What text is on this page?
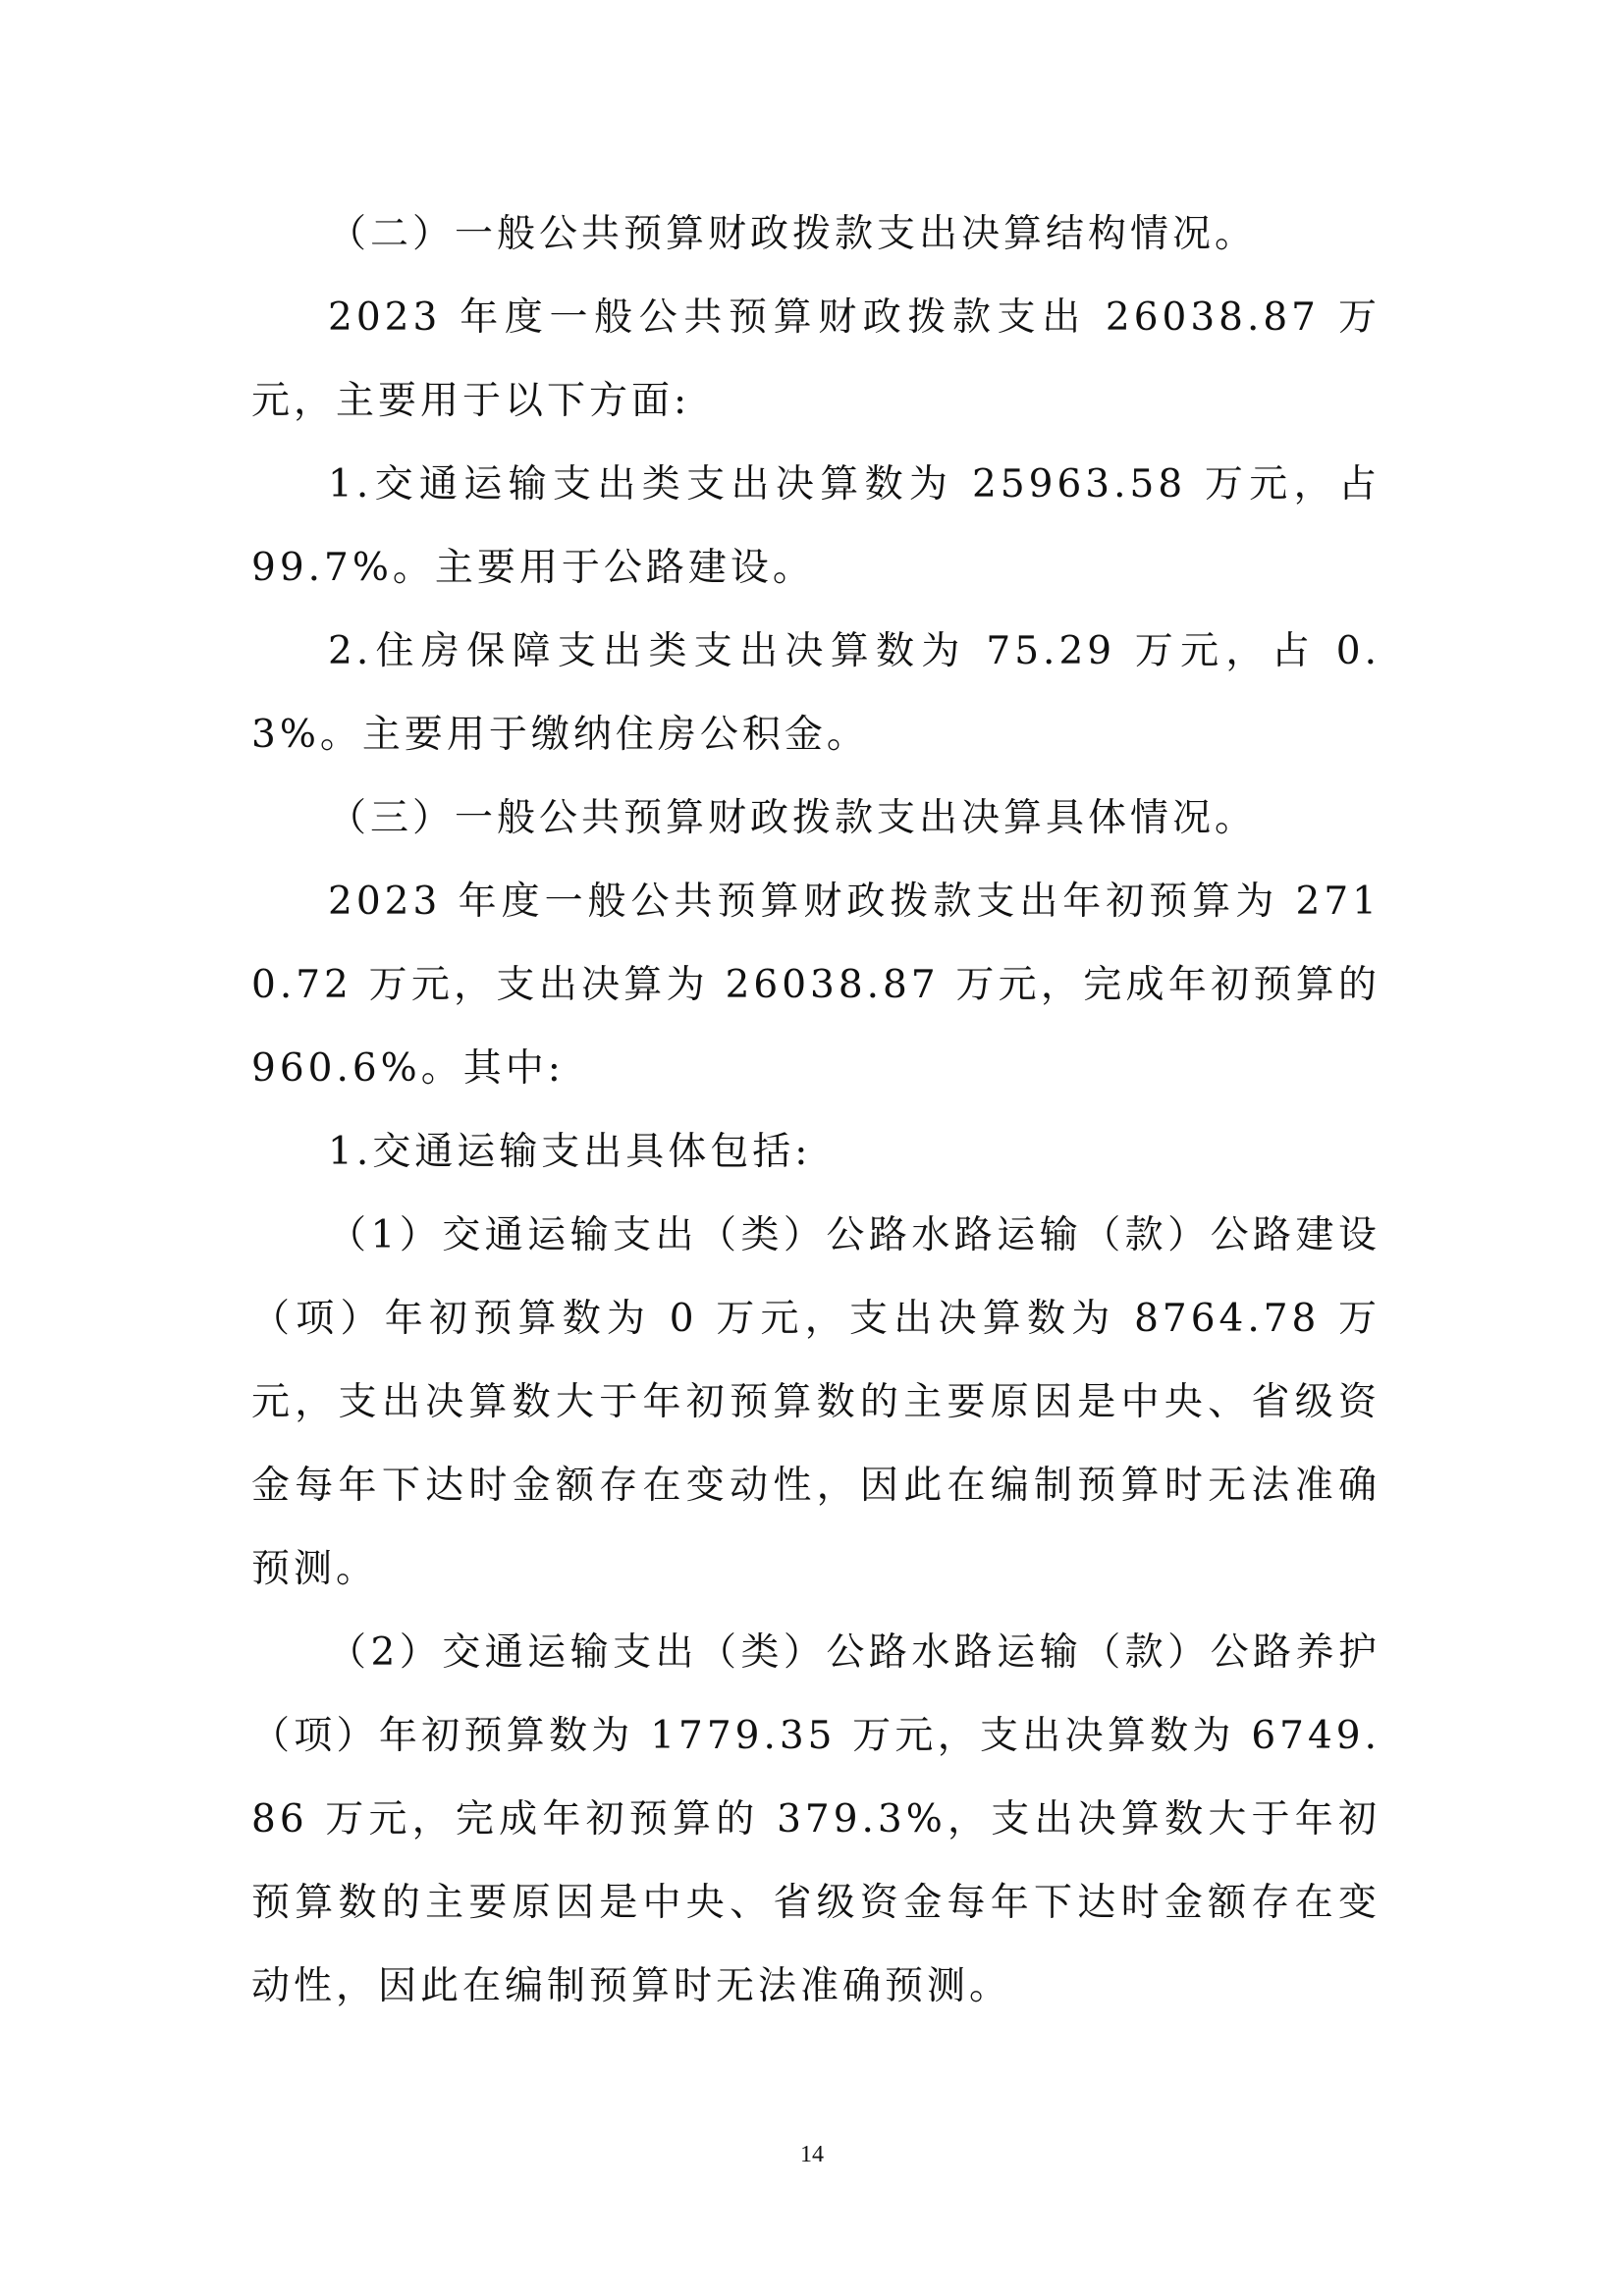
（二）一般公共预算财政拨款支出决算结构情况。

2023 年度一般公共预算财政拨款支出 26038.87 万元，主要用于以下方面:

1.交通运输支出类支出决算数为 25963.58 万元，占 99.7%。主要用于公路建设。

2.住房保障支出类支出决算数为 75.29 万元，占 0.3%。主要用于缴纳住房公积金。

（三）一般公共预算财政拨款支出决算具体情况。

2023 年度一般公共预算财政拨款支出年初预算为 2710.72 万元，支出决算为 26038.87 万元，完成年初预算的 960.6%。其中:

1.交通运输支出具体包括:

（1）交通运输支出（类）公路水路运输（款）公路建设（项）年初预算数为 0 万元，支出决算数为 8764.78 万元，支出决算数大于年初预算数的主要原因是中央、省级资金每年下达时金额存在变动性，因此在编制预算时无法准确预测。

（2）交通运输支出（类）公路水路运输（款）公路养护（项）年初预算数为 1779.35 万元，支出决算数为 6749.86 万元，完成年初预算的 379.3%，支出决算数大于年初预算数的主要原因是中央、省级资金每年下达时金额存在变动性，因此在编制预算时无法准确预测。

14
